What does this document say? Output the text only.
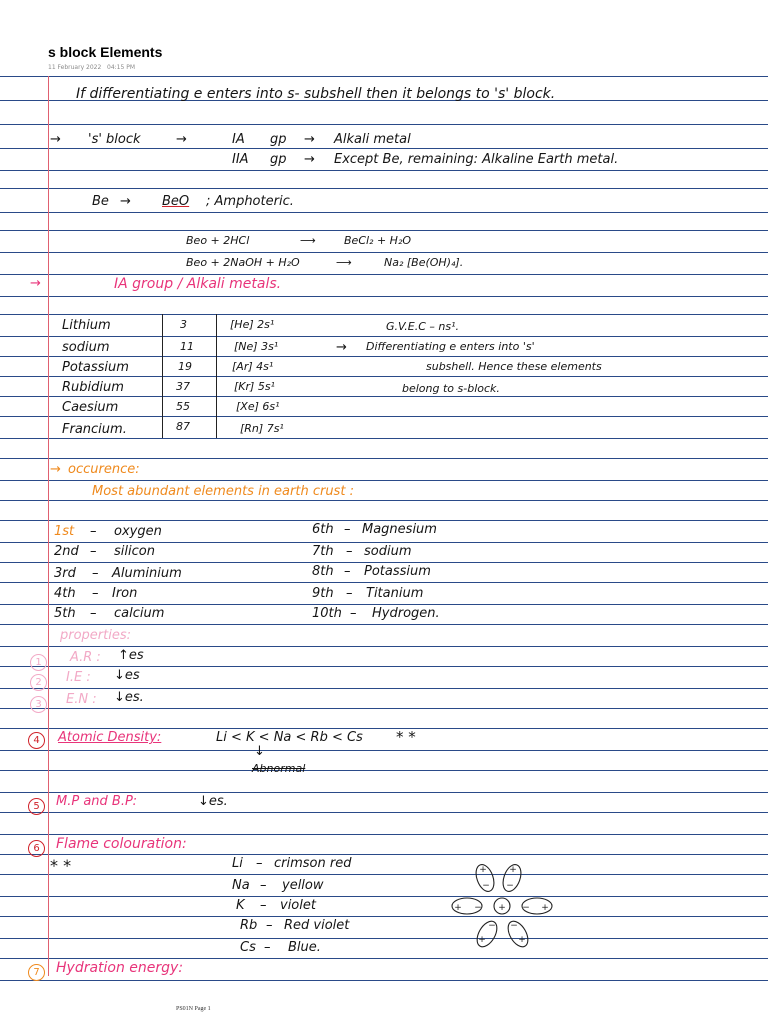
s block Elements
11 February 2022 04:15 PM
If differentiating e enters into s- subshell then it belongs to 's' block.
→ 's' block	→	IA gp → Alkali metal
IIA gp → Except Be, remaining: Alkaline Earth metal.
Be → BeO ; Amphoteric.
Beo + 2HCl	⟶	BeCl₂ + H₂O
Beo + 2NaOH + H₂O	⟶	Na₂ [Be(OH)₄].
→	IA group / Alkali metals.
Lithium	3	[He] 2s¹
sodium	11	[Ne] 3s¹
Potassium	19	[Ar] 4s¹
Rubidium	37	[Kr] 5s¹
Caesium	55	[Xe] 6s¹
Francium.	87	[Rn] 7s¹
G.V.E.C – ns¹.
→ Differentiating e enters into 's'
subshell. Hence these elements
belong to s-block.
→ occurence:
Most abundant elements in earth crust :
1st – oxygen
2nd – silicon
3rd – Aluminium
4th – Iron
5th – calcium
6th – Magnesium
7th – sodium
8th – Potassium
9th – Titanium
10th – Hydrogen.
properties:
1	A.R : ↑es
2	I.E : ↓es
3	E.N : ↓es.
4	Atomic Density:	Li < K < Na < Rb < Cs * *
↓
Abnormal
5	M.P and B.P:	↓es.
6	Flame colouration:
* *	Li – crimson red
Na – yellow
K – violet
Rb – Red violet
Cs – Blue.
+
+
−
+
−
+ −	+
−
+
−
+
−
7	Hydration energy:
PS01N Page 1
